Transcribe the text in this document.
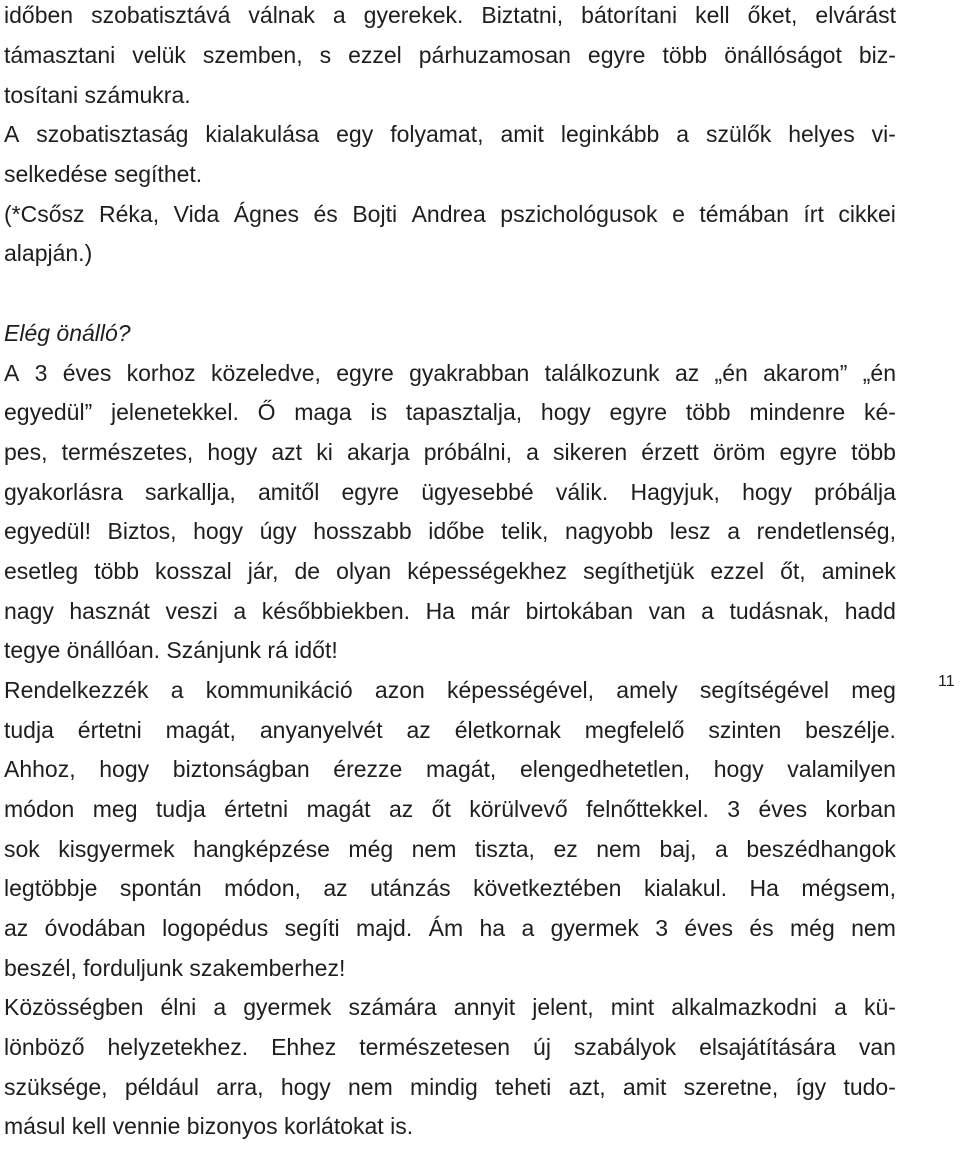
időben szobatisztává válnak a gyerekek. Biztatni, bátorítani kell őket, elvárást
támasztani velük szemben, s ezzel párhuzamosan egyre több önállóságot biz-
tosítani számukra.
A szobatisztaság kialakulása egy folyamat, amit leginkább a szülők helyes vi-
selkedése segíthet.
(*Csősz Réka, Vida Ágnes és Bojti Andrea pszichológusok e témában írt cikkei
alapján.)
Elég önálló?
A 3 éves korhoz közeledve, egyre gyakrabban találkozunk az „én akarom” „én
egyedül” jelenetekkel. Ő maga is tapasztalja, hogy egyre több mindenre ké-
pes, természetes, hogy azt ki akarja próbálni, a sikeren érzett öröm egyre több
gyakorlásra sarkallja, amitől egyre ügyesebbé válik. Hagyjuk, hogy próbálja
egyedül! Biztos, hogy úgy hosszabb időbe telik, nagyobb lesz a rendetlenség,
esetleg több kosszal jár, de olyan képességekhez segíthetjük ezzel őt, aminek
nagy hasznát veszi a későbbiekben. Ha már birtokában van a tudásnak, hadd
tegye önállóan. Szánjunk rá időt!
Rendelkezzék a kommunikáció azon képességével, amely segítségével meg
tudja értetni magát, anyanyelvét az életkornak megfelelő szinten beszélje.
Ahhoz, hogy biztonságban érezze magát, elengedhetetlen, hogy valamilyen
módon meg tudja értetni magát az őt körülvevő felnőttekkel. 3 éves korban
sok kisgyermek hangképzése még nem tiszta, ez nem baj, a beszédhangok
legtöbbje spontán módon, az utánzás következtében kialakul. Ha mégsem,
az óvodában logopédus segíti majd. Ám ha a gyermek 3 éves és még nem
beszél, forduljunk szakemberhez!
Közösségben élni a gyermek számára annyit jelent, mint alkalmazkodni a kü-
lönböző helyzetekhez. Ehhez természetesen új szabályok elsajátítására van
szüksége, például arra, hogy nem mindig teheti azt, amit szeretne, így tudo-
másul kell vennie bizonyos korlátokat is.
11
